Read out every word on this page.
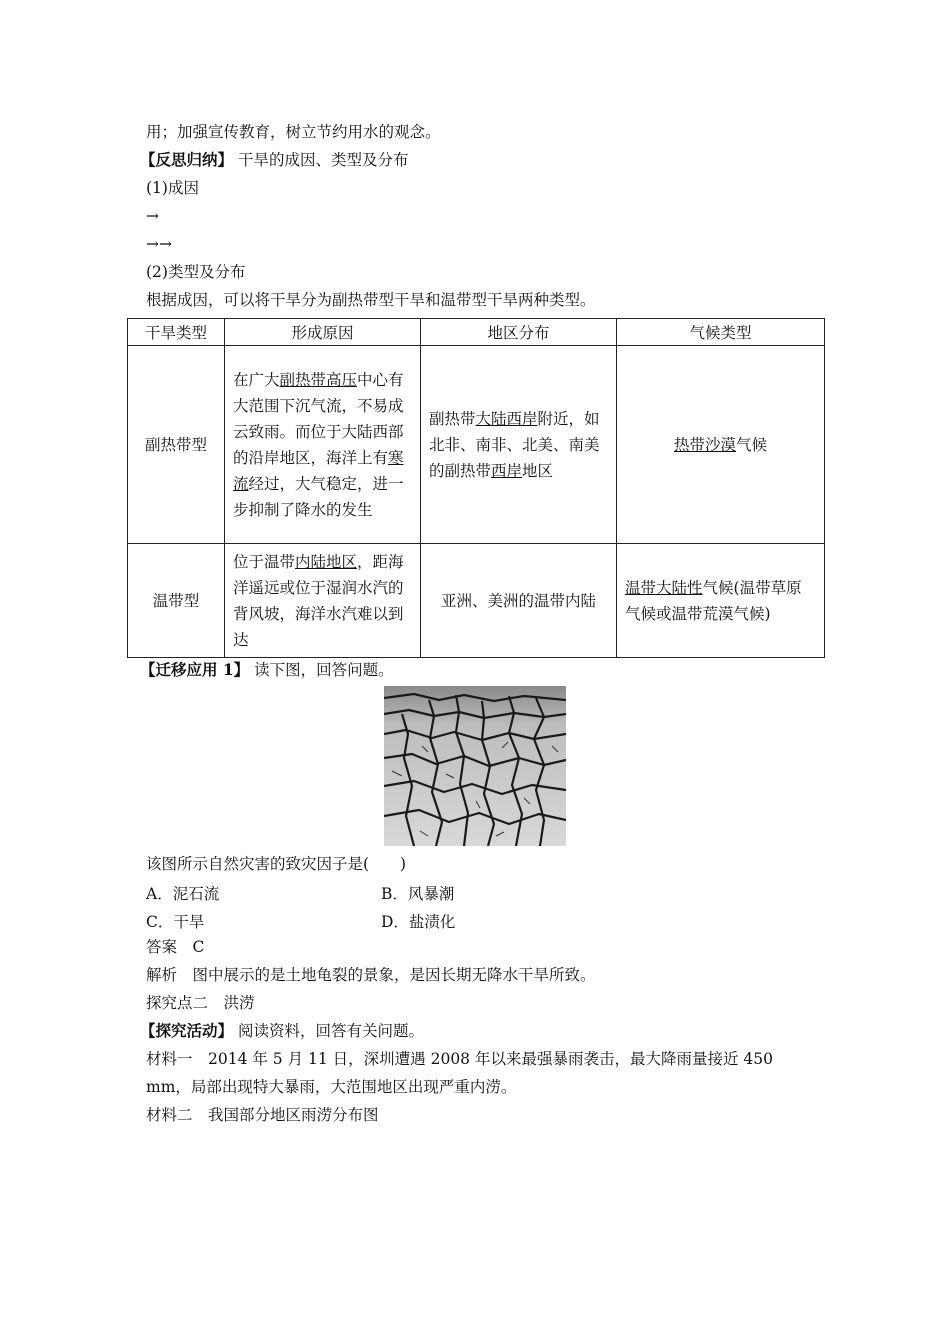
用；加强宣传教育，树立节约用水的观念。
【反思归纳】 干旱的成因、类型及分布
(1)成因
→
→→
(2)类型及分布
根据成因，可以将干旱分为副热带型干旱和温带型干旱两种类型。
干旱类型	形成原因	地区分布	气候类型
副热带型	在广大副热带高压中心有大范围下沉气流，不易成云致雨。而位于大陆西部的沿岸地区，海洋上有寒流经过，大气稳定，进一步抑制了降水的发生	副热带大陆西岸附近，如北非、南非、北美、南美的副热带西岸地区	热带沙漠气候
温带型	位于温带内陆地区，距海洋遥远或位于湿润水汽的背风坡，海洋水汽难以到达	亚洲、美洲的温带内陆	温带大陆性气候(温带草原气候或温带荒漠气候)
【迁移应用 1】 读下图，回答问题。
该图所示自然灾害的致灾因子是(　　)
A．泥石流	B．风暴潮
C．干旱	D．盐渍化
答案　C
解析　图中展示的是土地龟裂的景象，是因长期无降水干旱所致。
探究点二　洪涝
【探究活动】 阅读资料，回答有关问题。
材料一　2014 年 5 月 11 日，深圳遭遇 2008 年以来最强暴雨袭击，最大降雨量接近 450
mm，局部出现特大暴雨，大范围地区出现严重内涝。
材料二　我国部分地区雨涝分布图
